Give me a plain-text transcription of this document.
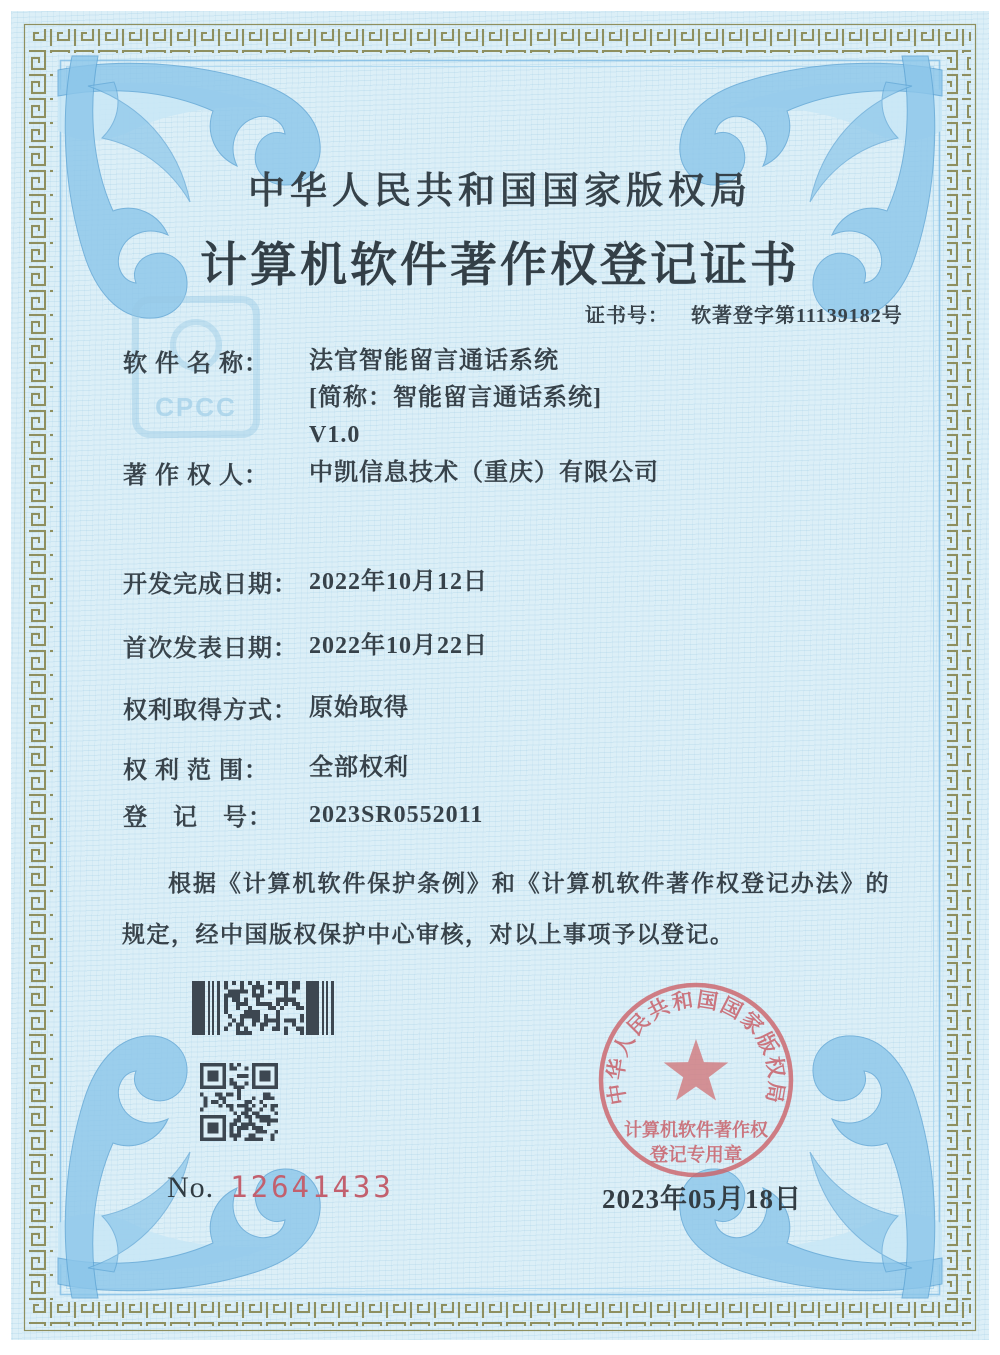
CPCC
中华人民共和国国家版权局
计算机软件著作权登记证书
证书号： 软著登字第11139182号
软 件 名 称： 法官智能留言通话系统
[简称：智能留言通话系统]
V1.0
著 作 权 人： 中凯信息技术（重庆）有限公司
开发完成日期： 2022年10月12日
首次发表日期： 2022年10月22日
权利取得方式： 原始取得
权 利 范 围： 全部权利
登　记　号： 2023SR0552011

根据《计算机软件保护条例》和《计算机软件著作权登记办法》的规定，经中国版权保护中心审核，对以上事项予以登记。

中华人民共和国国家版权局
计算机软件著作权
登记专用章
No. 12641433	2023年05月18日
